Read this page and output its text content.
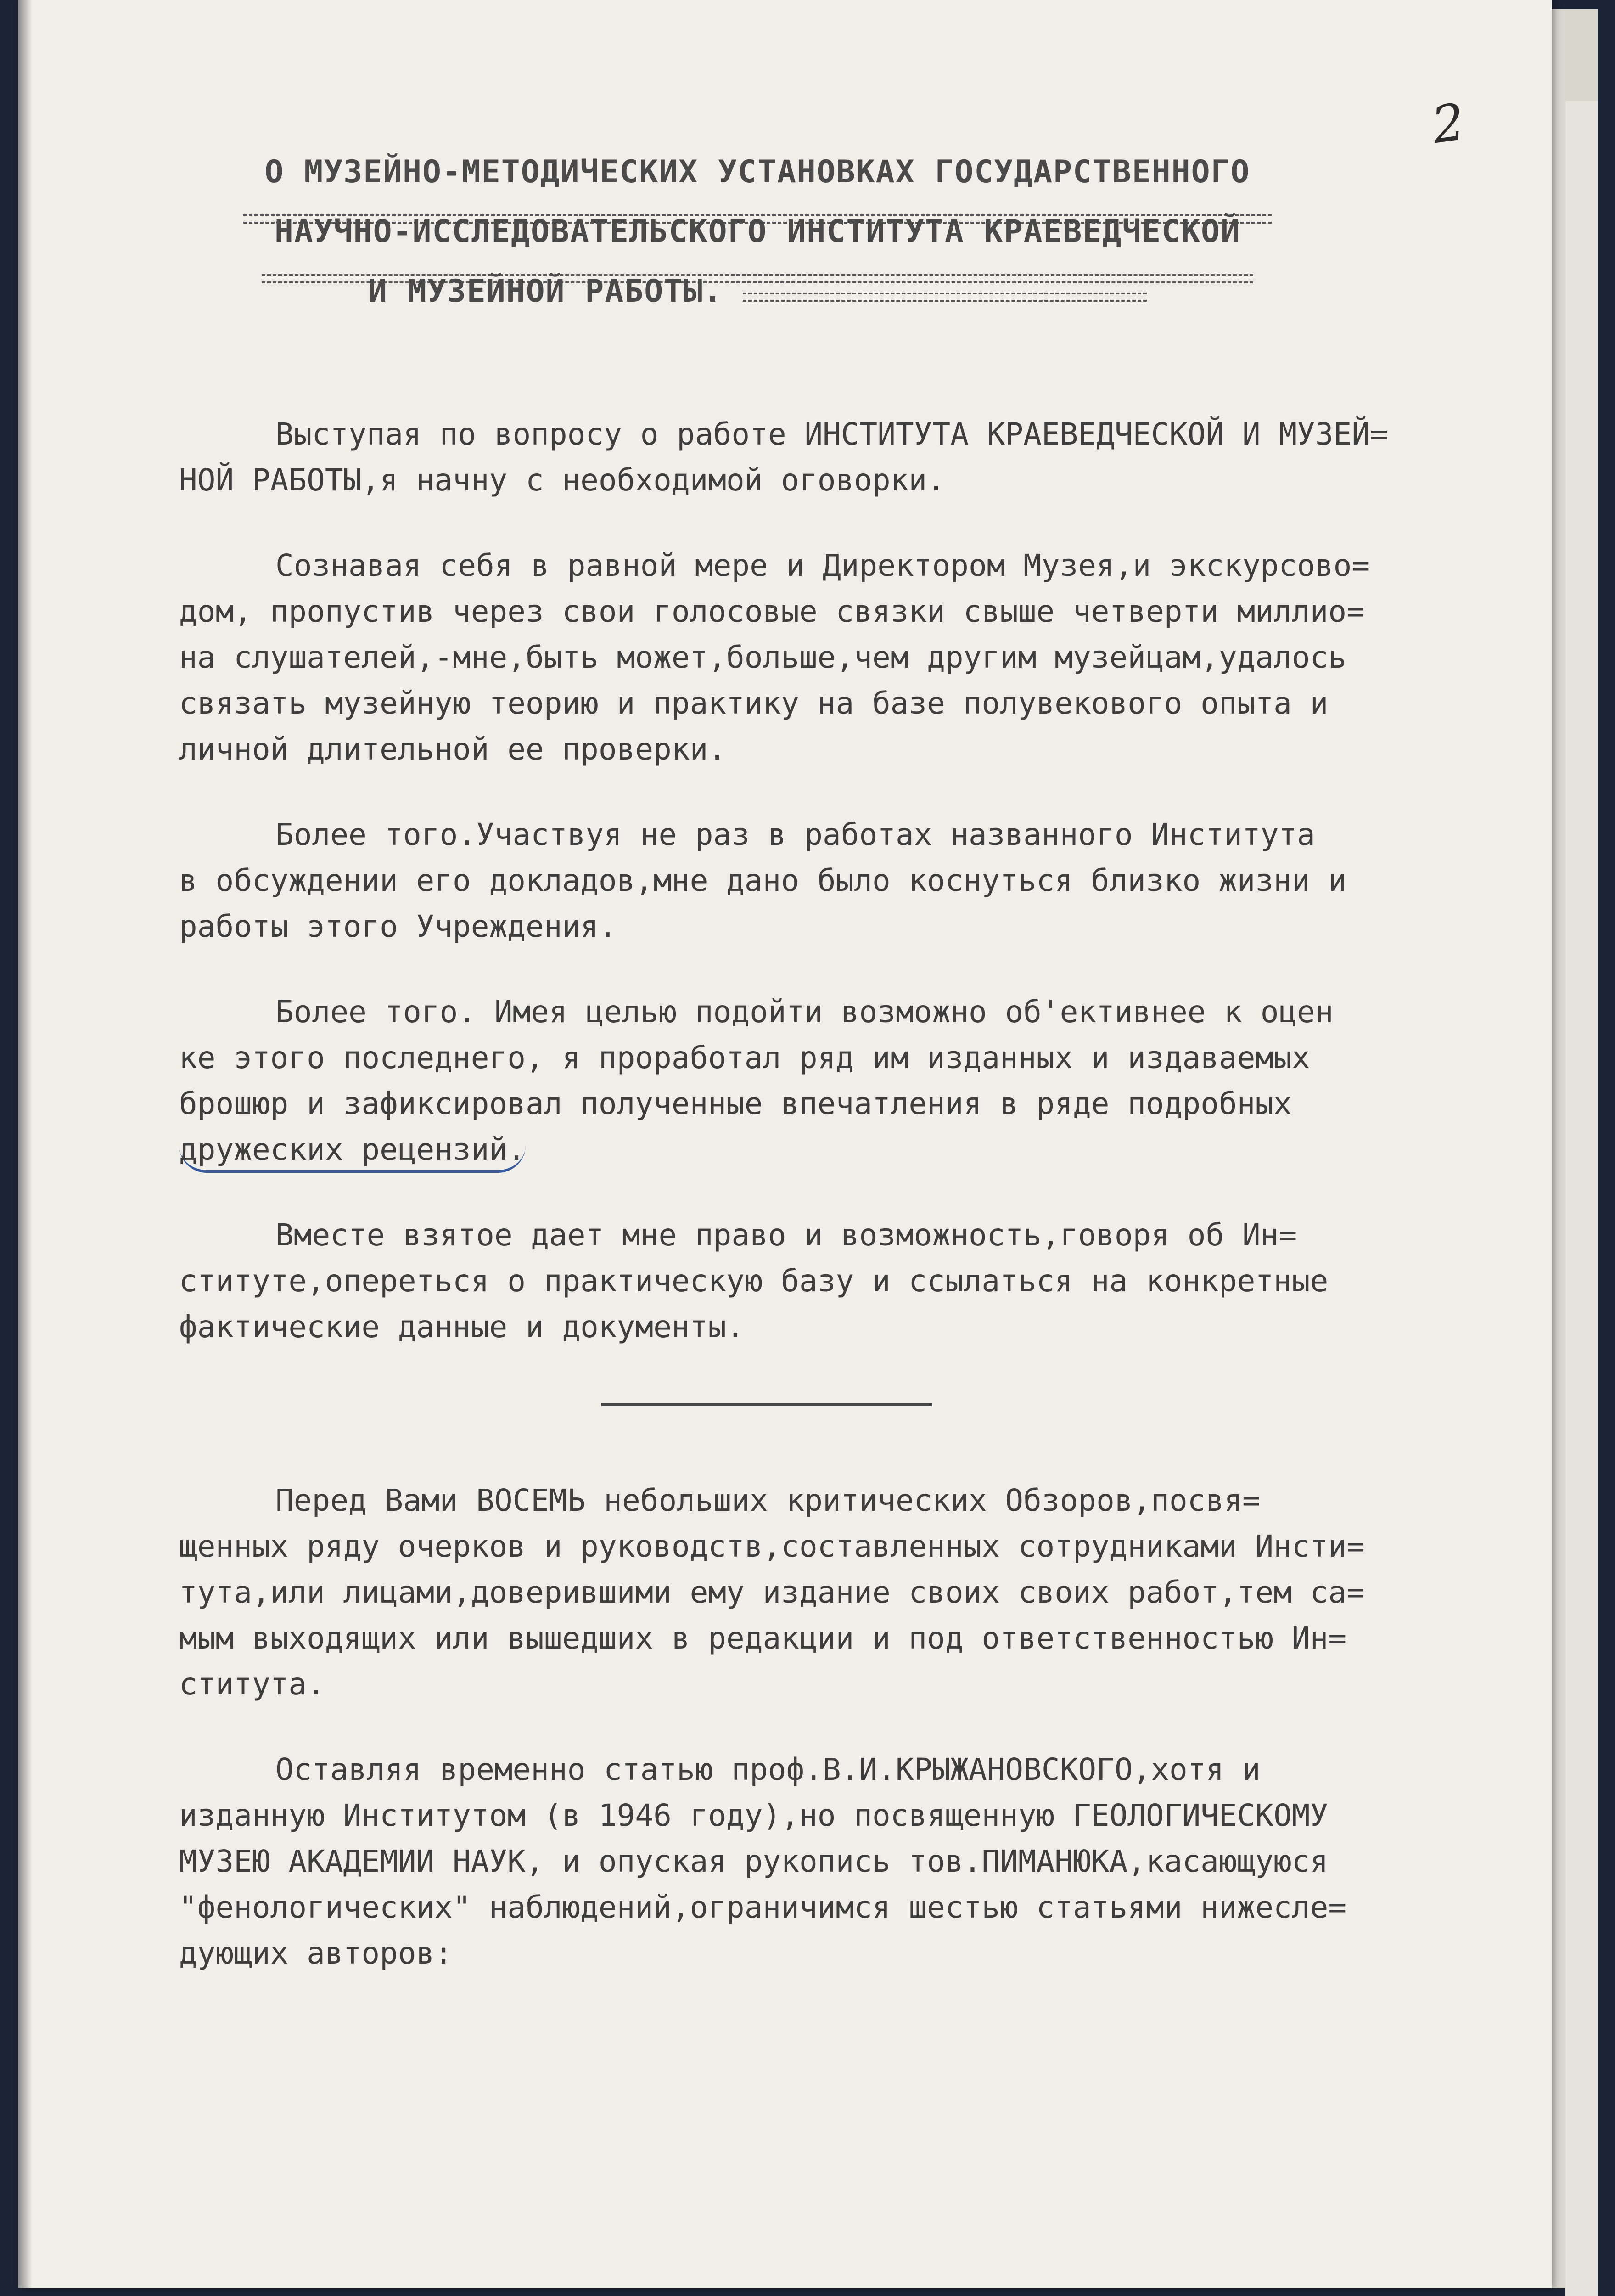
2
О МУЗЕЙНО-МЕТОДИЧЕСКИХ УСТАНОВКАХ ГОСУДАРСТВЕННОГО
НАУЧНО-ИССЛЕДОВАТЕЛЬСКОГО ИНСТИТУТА КРАЕВЕДЧЕСКОЙ
И МУЗЕЙНОЙ РАБОТЫ.
Выступая по вопросу о работе ИНСТИТУТА КРАЕВЕДЧЕСКОЙ И МУЗЕЙ=
НОЙ РАБОТЫ,я начну с необходимой оговорки.
Сознавая себя в равной мере и Директором Музея,и экскурсово=
дом, пропустив через свои голосовые связки свыше четверти миллио=
на слушателей,-мне,быть может,больше,чем другим музейцам,удалось
связать музейную теорию и практику на базе полувекового опыта и
личной длительной ее проверки.
Более того.Участвуя не раз в работах названного Института
в обсуждении его докладов,мне дано было коснуться близко жизни и
работы этого Учреждения.
Более того. Имея целью подойти возможно об'ективнее к оцен
ке этого последнего, я проработал ряд им изданных и издаваемых
брошюр и зафиксировал полученные впечатления в ряде подробных
дружеских рецензий.
Вместе взятое дает мне право и возможность,говоря об Ин=
ституте,опереться о практическую базу и ссылаться на конкретные
фактические данные и документы.
Перед Вами ВОСЕМЬ небольших критических Обзоров,посвя=
щенных ряду очерков и руководств,составленных сотрудниками Инсти=
тута,или лицами,доверившими ему издание своих своих работ,тем са=
мым выходящих или вышедших в редакции и под ответственностью Ин=
ститута.
Оставляя временно статью проф.В.И.КРЫЖАНОВСКОГО,хотя и
изданную Институтом (в 1946 году),но посвященную ГЕОЛОГИЧЕСКОМУ
МУЗЕЮ АКАДЕМИИ НАУК, и опуская рукопись тов.ПИМАНЮКА,касающуюся
"фенологических" наблюдений,ограничимся шестью статьями нижесле=
дующих авторов:
